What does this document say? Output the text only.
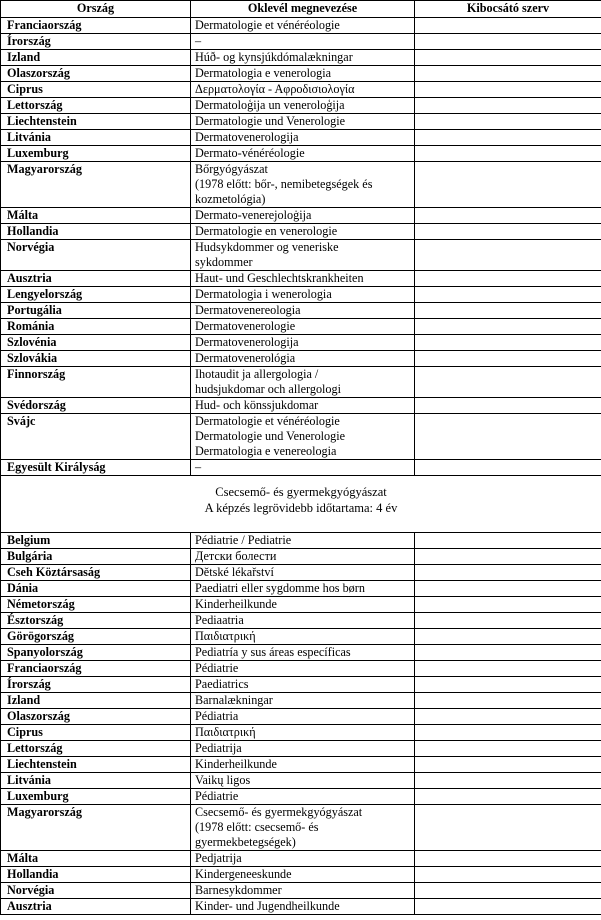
Ország	Oklevél megnevezése	Kibocsátó szerv
Franciaország	Dermatologie et vénéréologie	

Írország	–	

Izland	Húð- og kynsjúkdómalækningar	

Olaszország	Dermatologia e venerologia	

Ciprus	Δερματολογία - Αφροδισιολογία	

Lettország	Dermatoloģija un veneroloģija	

Liechtenstein	Dermatologie und Venerologie	

Litvánia	Dermatovenerologija	

Luxemburg	Dermato-vénéréologie	

Magyarország	Bőrgyógyászat
(1978 előtt: bőr-, nemibetegségek és
kozmetológia)	

Málta	Dermato-venerejoloġija	

Hollandia	Dermatologie en venerologie	

Norvégia	Hudsykdommer og veneriske
sykdommer	

Ausztria	Haut- und Geschlechtskrankheiten	

Lengyelország	Dermatologia i wenerologia	

Portugália	Dermatovenereologia	

Románia	Dermatovenerologie	

Szlovénia	Dermatovenerologija	

Szlovákia	Dermatovenerológia	

Finnország	Ihotaudit ja allergologia /
hudsjukdomar och allergologi	

Svédország	Hud- och könssjukdomar	

Svájc	Dermatologie et vénéréologie
Dermatologie und Venerologie
Dermatologia e venereologia	

Egyesült Királyság	–	

Csecsemő- és gyermekgyógyászat
A képzés legrövidebb időtartama: 4 év		

Belgium	Pédiatrie / Pediatrie	

Bulgária	Детски болести	

Cseh Köztársaság	Dětské lékařství	

Dánia	Paediatri eller sygdomme hos børn	

Németország	Kinderheilkunde	

Észtország	Pediaatria	

Görögország	Παιδιατρική	

Spanyolország	Pediatría y sus áreas específicas	

Franciaország	Pédiatrie	

Írország	Paediatrics	

Izland	Barnalækningar	

Olaszország	Pédiatria	

Ciprus	Παιδιατρική	

Lettország	Pediatrija	

Liechtenstein	Kinderheilkunde	

Litvánia	Vaikų ligos	

Luxemburg	Pédiatrie	

Magyarország	Csecsemő- és gyermekgyógyászat
(1978 előtt: csecsemő- és
gyermekbetegségek)	

Málta	Pedjatrija	

Hollandia	Kindergeneeskunde	

Norvégia	Barnesykdommer	

Ausztria	Kinder- und Jugendheilkunde	
